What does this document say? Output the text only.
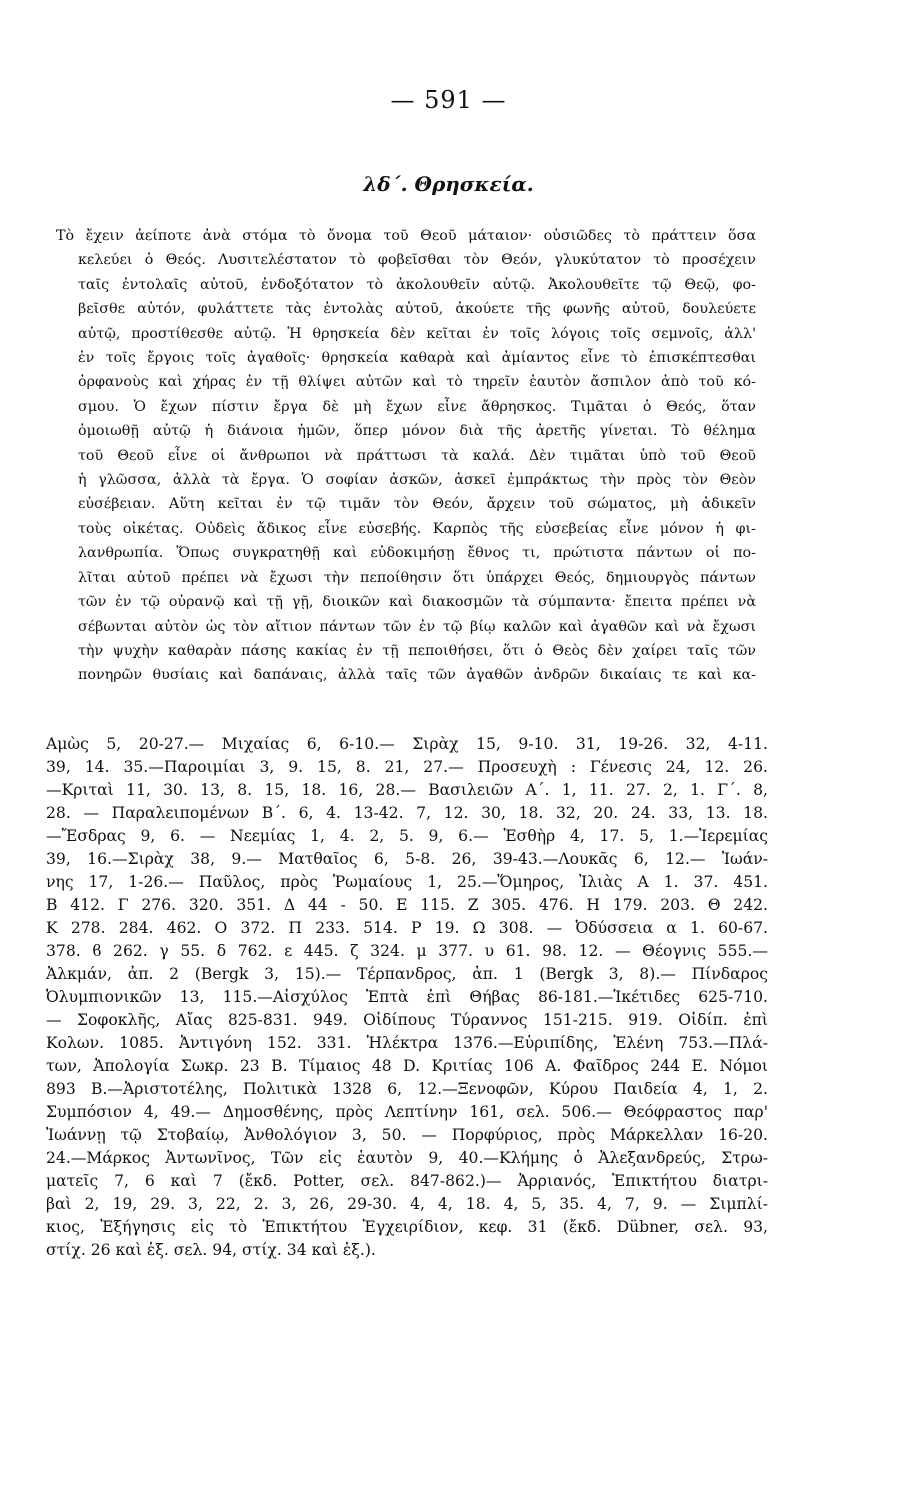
— 591 —
λδ΄. Θρησκεία.
Τὸ ἔχειν ἀείποτε ἀνὰ στόμα τὸ ὄνομα τοῦ Θεοῦ μάταιον· οὐσιῶδες τὸ πράττειν ὅσα
κελεύει ὁ Θεός. Λυσιτελέστατον τὸ φοβεῖσθαι τὸν Θεόν, γλυκύτατον τὸ προσέχειν
ταῖς ἐντολαῖς αὐτοῦ, ἐνδοξότατον τὸ ἀκολουθεῖν αὐτῷ. Ἀκολουθεῖτε τῷ Θεῷ, φο-
βεῖσθε αὐτόν, φυλάττετε τὰς ἐντολὰς αὐτοῦ, ἀκούετε τῆς φωνῆς αὐτοῦ, δουλεύετε
αὐτῷ, προστίθεσθε αὐτῷ. Ἡ θρησκεία δὲν κεῖται ἐν τοῖς λόγοις τοῖς σεμνοῖς, ἀλλ'
ἐν τοῖς ἔργοις τοῖς ἀγαθοῖς· θρησκεία καθαρὰ καὶ ἀμίαντος εἶνε τὸ ἐπισκέπτεσθαι
ὀρφανοὺς καὶ χήρας ἐν τῇ θλίψει αὐτῶν καὶ τὸ τηρεῖν ἑαυτὸν ἄσπιλον ἀπὸ τοῦ κό-
σμου. Ὁ ἔχων πίστιν ἔργα δὲ μὴ ἔχων εἶνε ἄθρησκος. Τιμᾶται ὁ Θεός, ὅταν
ὁμοιωθῇ αὐτῷ ἡ διάνοια ἡμῶν, ὅπερ μόνον διὰ τῆς ἀρετῆς γίνεται. Τὸ θέλημα
τοῦ Θεοῦ εἶνε οἱ ἄνθρωποι νὰ πράττωσι τὰ καλά. Δὲν τιμᾶται ὑπὸ τοῦ Θεοῦ
ἡ γλῶσσα, ἀλλὰ τὰ ἔργα. Ὁ σοφίαν ἀσκῶν, ἀσκεῖ ἐμπράκτως τὴν πρὸς τὸν Θεὸν
εὐσέβειαν. Αὕτη κεῖται ἐν τῷ τιμᾶν τὸν Θεόν, ἄρχειν τοῦ σώματος, μὴ ἀδικεῖν
τοὺς οἰκέτας. Οὐδεὶς ἄδικος εἶνε εὐσεβής. Καρπὸς τῆς εὐσεβείας εἶνε μόνον ἡ φι-
λανθρωπία. Ὅπως συγκρατηθῇ καὶ εὐδοκιμήσῃ ἔθνος τι, πρώτιστα πάντων οἱ πο-
λῖται αὐτοῦ πρέπει νὰ ἔχωσι τὴν πεποίθησιν ὅτι ὑπάρχει Θεός, δημιουργὸς πάντων
τῶν ἐν τῷ οὐρανῷ καὶ τῇ γῇ, διοικῶν καὶ διακοσμῶν τὰ σύμπαντα· ἔπειτα πρέπει νὰ
σέβωνται αὐτὸν ὡς τὸν αἴτιον πάντων τῶν ἐν τῷ βίῳ καλῶν καὶ ἀγαθῶν καὶ νὰ ἔχωσι
τὴν ψυχὴν καθαρὰν πάσης κακίας ἐν τῇ πεποιθήσει, ὅτι ὁ Θεὸς δὲν χαίρει ταῖς τῶν
πονηρῶν θυσίαις καὶ δαπάναις, ἀλλὰ ταῖς τῶν ἀγαθῶν ἀνδρῶν δικαίαις τε καὶ κα-
Αμὼς 5, 20-27.— Μιχαίας 6, 6-10.— Σιρὰχ 15, 9-10. 31, 19-26. 32, 4-11.
39, 14. 35.—Παροιμίαι 3, 9. 15, 8. 21, 27.— Προσευχὴ : Γένεσις 24, 12. 26.
—Κριταὶ 11, 30. 13, 8. 15, 18. 16, 28.— Βασιλειῶν Α΄. 1, 11. 27. 2, 1. Γ΄. 8,
28. — Παραλειπομένων Β΄. 6, 4. 13-42. 7, 12. 30, 18. 32, 20. 24. 33, 13. 18.
—Ἔσδρας 9, 6. — Νεεμίας 1, 4. 2, 5. 9, 6.— Ἐσθὴρ 4, 17. 5, 1.—Ἱερεμίας
39, 16.—Σιρὰχ 38, 9.— Ματθαῖος 6, 5-8. 26, 39-43.—Λουκᾶς 6, 12.— Ἰωάν-
νης 17, 1-26.— Παῦλος, πρὸς Ῥωμαίους 1, 25.—Ὅμηρος, Ἰλιὰς Α 1. 37. 451.
Β 412. Γ 276. 320. 351. Δ 44 - 50. Ε 115. Ζ 305. 476. Η 179. 203. Θ 242.
Κ 278. 284. 462. Ο 372. Π 233. 514. Ρ 19. Ω 308. — Ὀδύσσεια α 1. 60-67.
378. ϐ 262. γ 55. δ 762. ε 445. ζ 324. μ 377. υ 61. 98. 12. — Θέογνις 555.—
Ἀλκμάν, ἀπ. 2 (Bergk 3, 15).— Τέρπανδρος, ἀπ. 1 (Bergk 3, 8).— Πίνδαρος
Ὀλυμπιονικῶν 13, 115.—Αἰσχύλος Ἑπτὰ ἐπὶ Θήβας 86-181.—Ἱκέτιδες 625-710.
— Σοφοκλῆς, Αἴας 825-831. 949. Οἰδίπους Τύραννος 151-215. 919. Οἰδίπ. ἐπὶ
Κολων. 1085. Ἀντιγόνη 152. 331. Ἠλέκτρα 1376.—Εὐριπίδης, Ἑλένη 753.—Πλά-
των, Ἀπολογία Σωκρ. 23 Β. Τίμαιος 48 D. Κριτίας 106 Α. Φαῖδρος 244 Ε. Νόμοι
893 Β.—Ἀριστοτέλης, Πολιτικὰ 1328 6, 12.—Ξενοφῶν, Κύρου Παιδεία 4, 1, 2.
Συμπόσιον 4, 49.— Δημοσθένης, πρὸς Λεπτίνην 161, σελ. 506.— Θεόφραστος παρ'
Ἰωάννῃ τῷ Στοβαίῳ, Ἀνθολόγιον 3, 50. — Πορφύριος, πρὸς Μάρκελλαν 16-20.
24.—Μάρκος Ἀντωνῖνος, Τῶν εἰς ἑαυτὸν 9, 40.—Κλήμης ὁ Ἀλεξανδρεύς, Στρω-
ματεῖς 7, 6 καὶ 7 (ἔκδ. Potter, σελ. 847-862.)— Ἀρριανός, Ἐπικτήτου διατρι-
βαὶ 2, 19, 29. 3, 22, 2. 3, 26, 29-30. 4, 4, 18. 4, 5, 35. 4, 7, 9. — Σιμπλί-
κιος, Ἐξήγησις εἰς τὸ Ἐπικτήτου Ἐγχειρίδιον, κεφ. 31 (ἔκδ. Dübner, σελ. 93,
στίχ. 26 καὶ ἑξ. σελ. 94, στίχ. 34 καὶ ἑξ.).
